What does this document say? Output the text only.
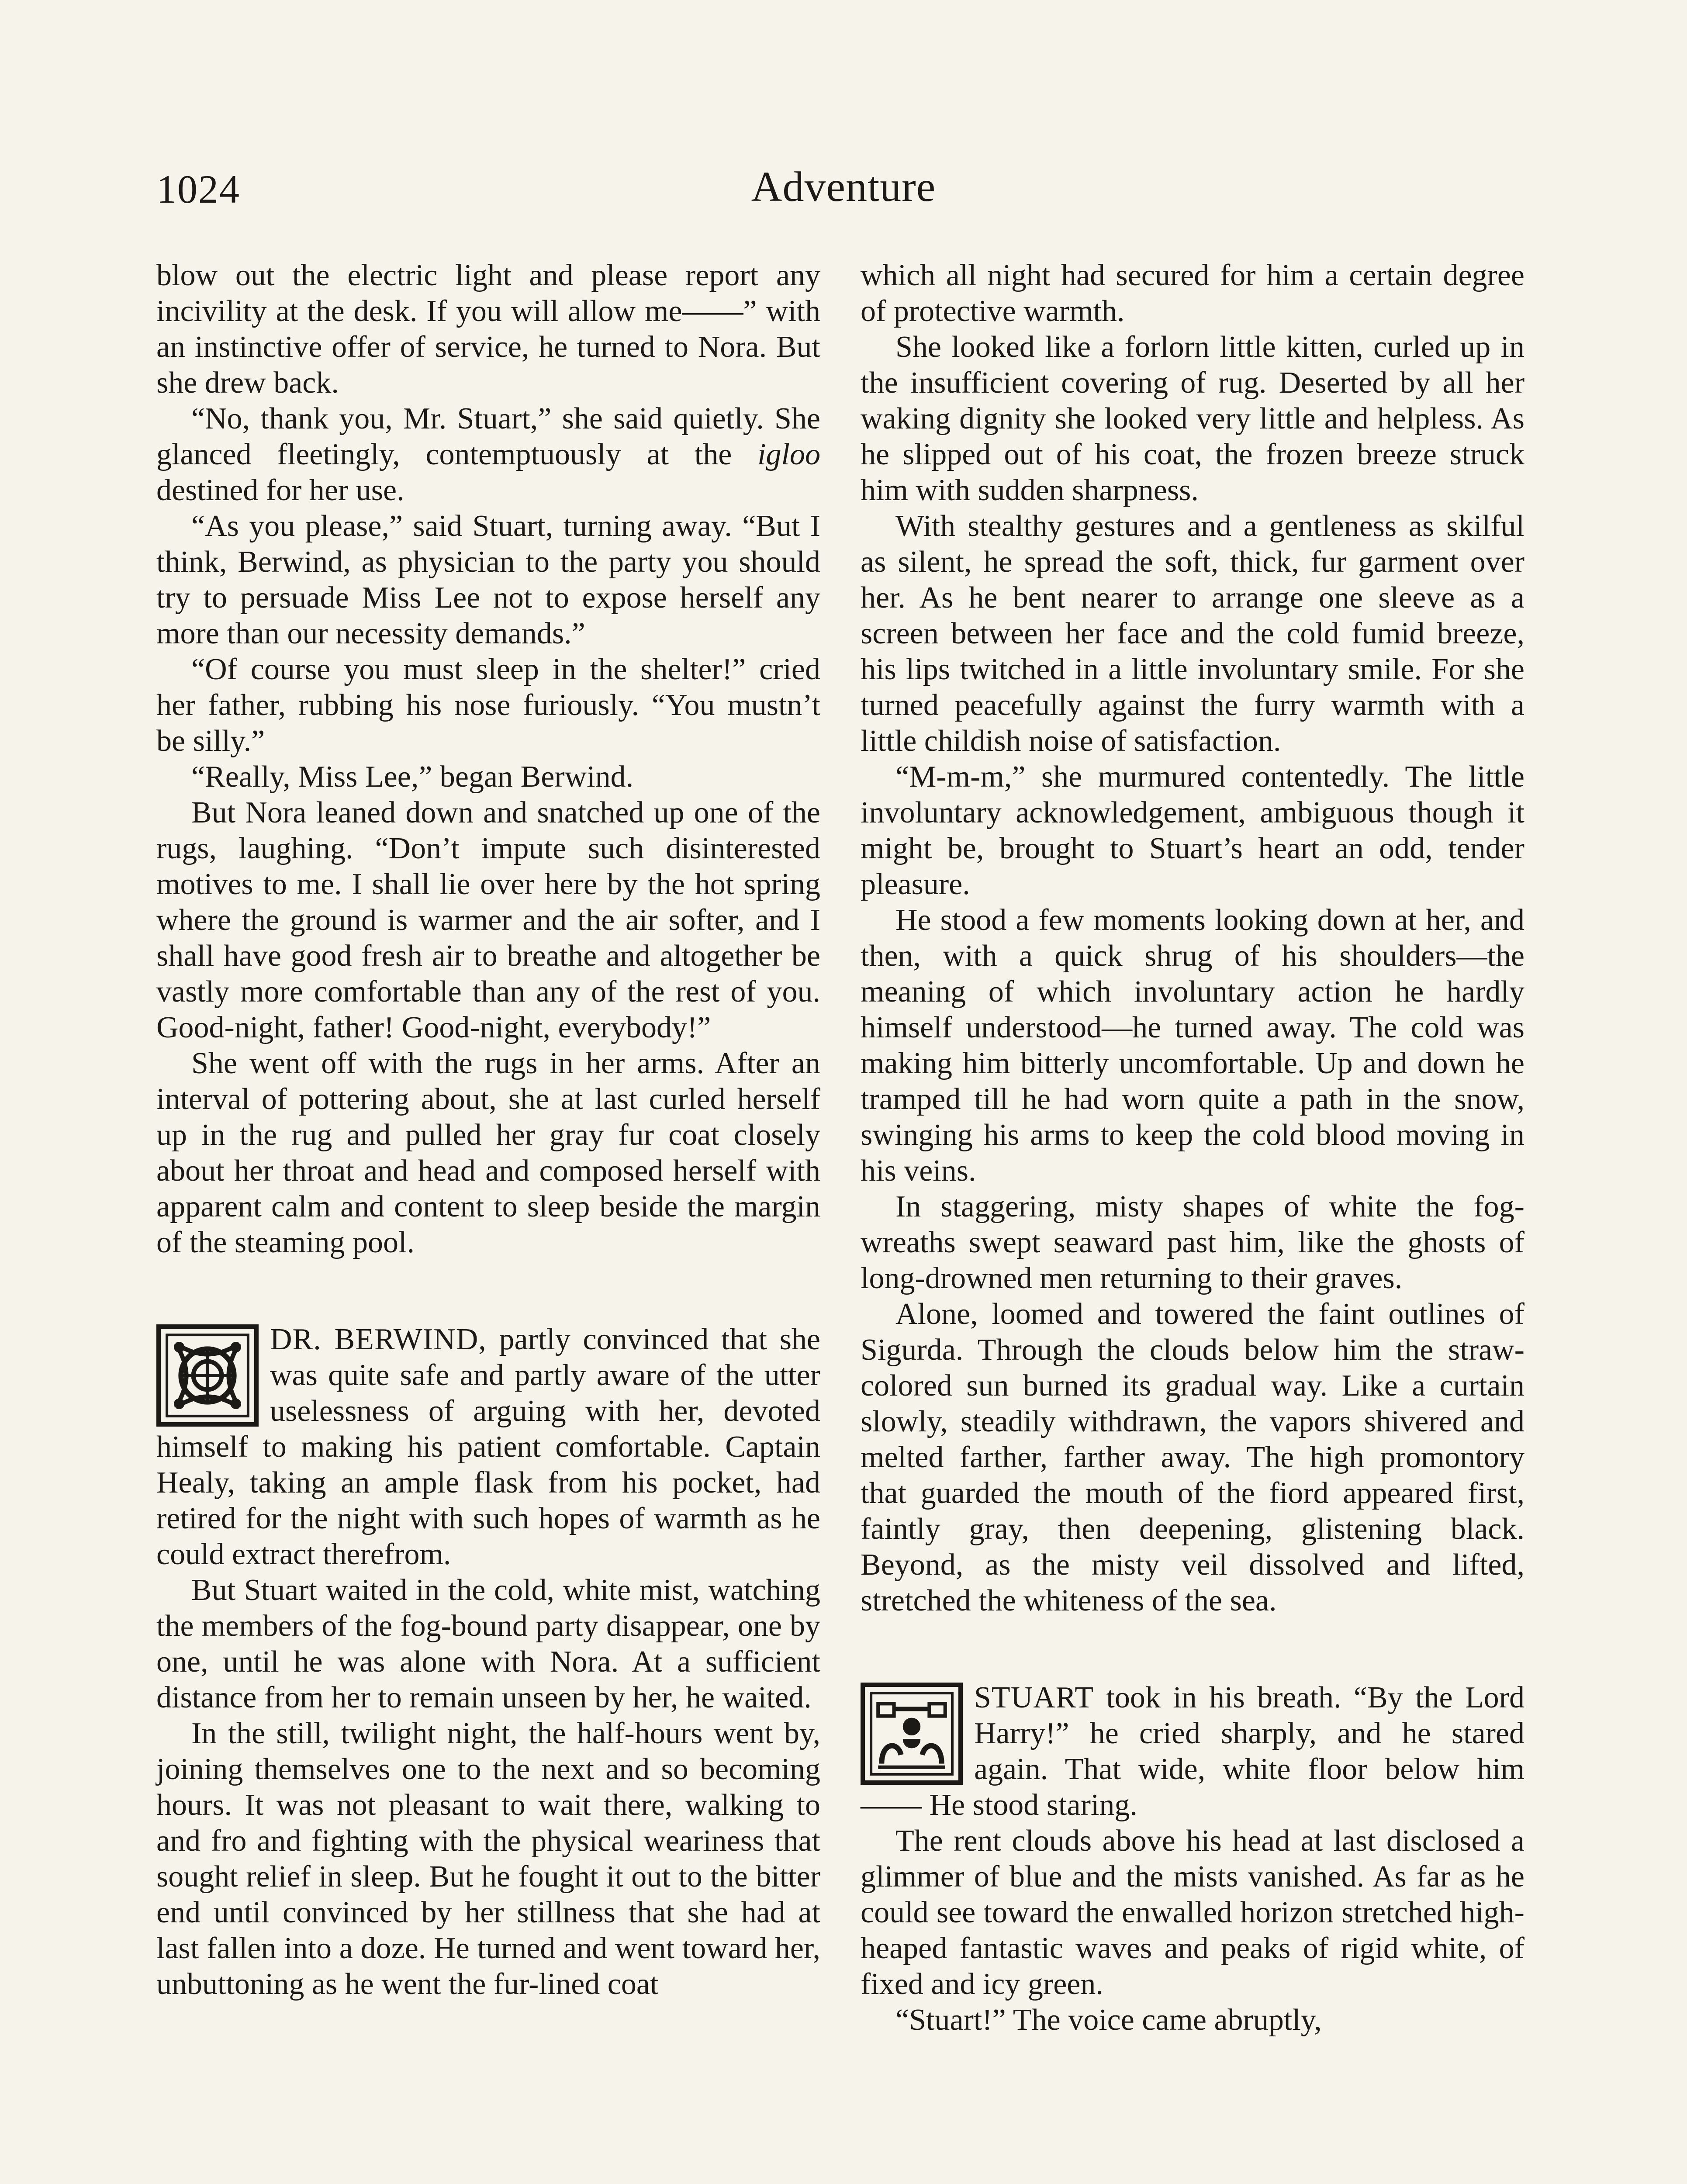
1024	Adventure

blow out the electric light and please report any incivility at the desk. If you will allow me——” with an instinctive offer of service, he turned to Nora. But she drew back.

“No, thank you, Mr. Stuart,” she said quietly. She glanced fleetingly, contemptuously at the igloo destined for her use.

“As you please,” said Stuart, turning away. “But I think, Berwind, as physician to the party you should try to persuade Miss Lee not to expose herself any more than our necessity demands.”

“Of course you must sleep in the shelter!” cried her father, rubbing his nose furiously. “You mustn’t be silly.”

“Really, Miss Lee,” began Berwind.

But Nora leaned down and snatched up one of the rugs, laughing. “Don’t impute such disinterested motives to me. I shall lie over here by the hot spring where the ground is warmer and the air softer, and I shall have good fresh air to breathe and altogether be vastly more comfortable than any of the rest of you. Good-night, father! Good-night, everybody!”

She went off with the rugs in her arms. After an interval of pottering about, she at last curled herself up in the rug and pulled her gray fur coat closely about her throat and head and composed herself with apparent calm and content to sleep beside the margin of the steaming pool.

DR. BERWIND, partly convinced that she was quite safe and partly aware of the utter uselessness of arguing with her, devoted himself to making his patient comfortable. Captain Healy, taking an ample flask from his pocket, had retired for the night with such hopes of warmth as he could extract therefrom.

But Stuart waited in the cold, white mist, watching the members of the fog-bound party disappear, one by one, until he was alone with Nora. At a sufficient distance from her to remain unseen by her, he waited.

In the still, twilight night, the half-hours went by, joining themselves one to the next and so becoming hours. It was not pleasant to wait there, walking to and fro and fighting with the physical weariness that sought relief in sleep. But he fought it out to the bitter end until convinced by her stillness that she had at last fallen into a doze. He turned and went toward her, unbuttoning as he went the fur-lined coat

which all night had secured for him a certain degree of protective warmth.

She looked like a forlorn little kitten, curled up in the insufficient covering of rug. Deserted by all her waking dignity she looked very little and helpless. As he slipped out of his coat, the frozen breeze struck him with sudden sharpness.

With stealthy gestures and a gentleness as skilful as silent, he spread the soft, thick, fur garment over her. As he bent nearer to arrange one sleeve as a screen between her face and the cold fumid breeze, his lips twitched in a little involuntary smile. For she turned peacefully against the furry warmth with a little childish noise of satisfaction.

“M-m-m,” she murmured contentedly. The little involuntary acknowledgement, ambiguous though it might be, brought to Stuart’s heart an odd, tender pleasure.

He stood a few moments looking down at her, and then, with a quick shrug of his shoulders—the meaning of which involuntary action he hardly himself understood—he turned away. The cold was making him bitterly uncomfortable. Up and down he tramped till he had worn quite a path in the snow, swinging his arms to keep the cold blood moving in his veins.

In staggering, misty shapes of white the fog-wreaths swept seaward past him, like the ghosts of long-drowned men returning to their graves.

Alone, loomed and towered the faint outlines of Sigurda. Through the clouds below him the straw-colored sun burned its gradual way. Like a curtain slowly, steadily withdrawn, the vapors shivered and melted farther, farther away. The high promontory that guarded the mouth of the fiord appeared first, faintly gray, then deepening, glistening black. Beyond, as the misty veil dissolved and lifted, stretched the whiteness of the sea.

STUART took in his breath. “By the Lord Harry!” he cried sharply, and he stared again. That wide, white floor below him—— He stood staring.

The rent clouds above his head at last disclosed a glimmer of blue and the mists vanished. As far as he could see toward the enwalled horizon stretched high-heaped fantastic waves and peaks of rigid white, of fixed and icy green.

“Stuart!” The voice came abruptly,
